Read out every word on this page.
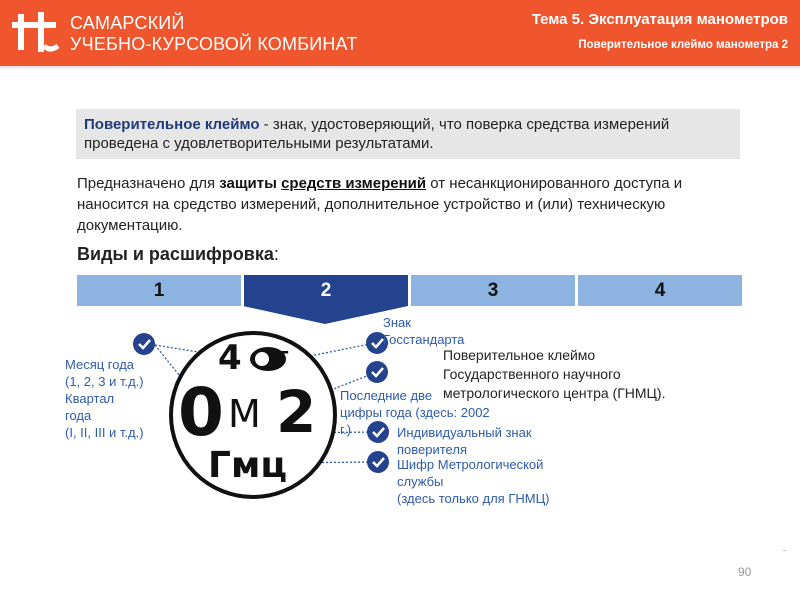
САМАРСКИЙ
УЧЕБНО-КУРСОВОЙ КОМБИНАТ
Тема 5. Эксплуатация манометров
Поверительное клеймо манометра 2
Поверительное клеймо - знак, удостоверяющий, что поверка средства измерений проведена с удовлетворительными результатами.
Предназначено для защиты средств измерений от несанкционированного доступа и наносится на средство измерений, дополнительное устройство и (или) техническую документацию.
Виды и расшифровка:
1	2	3	4
4 Т
0 М 2
Гмц
Месяц года
(1, 2, 3 и т.д.)
Квартал
года
(I, II, III и т.д.)
Знак
Госстандарта
Последние две
цифры года (здесь: 2002
г.)	Индивидуальный знак
поверителя
Шифр Метрологической
службы
(здесь только для ГНМЦ)
Поверительное клеймо
Государственного научного
метрологического центра (ГНМЦ).
90
